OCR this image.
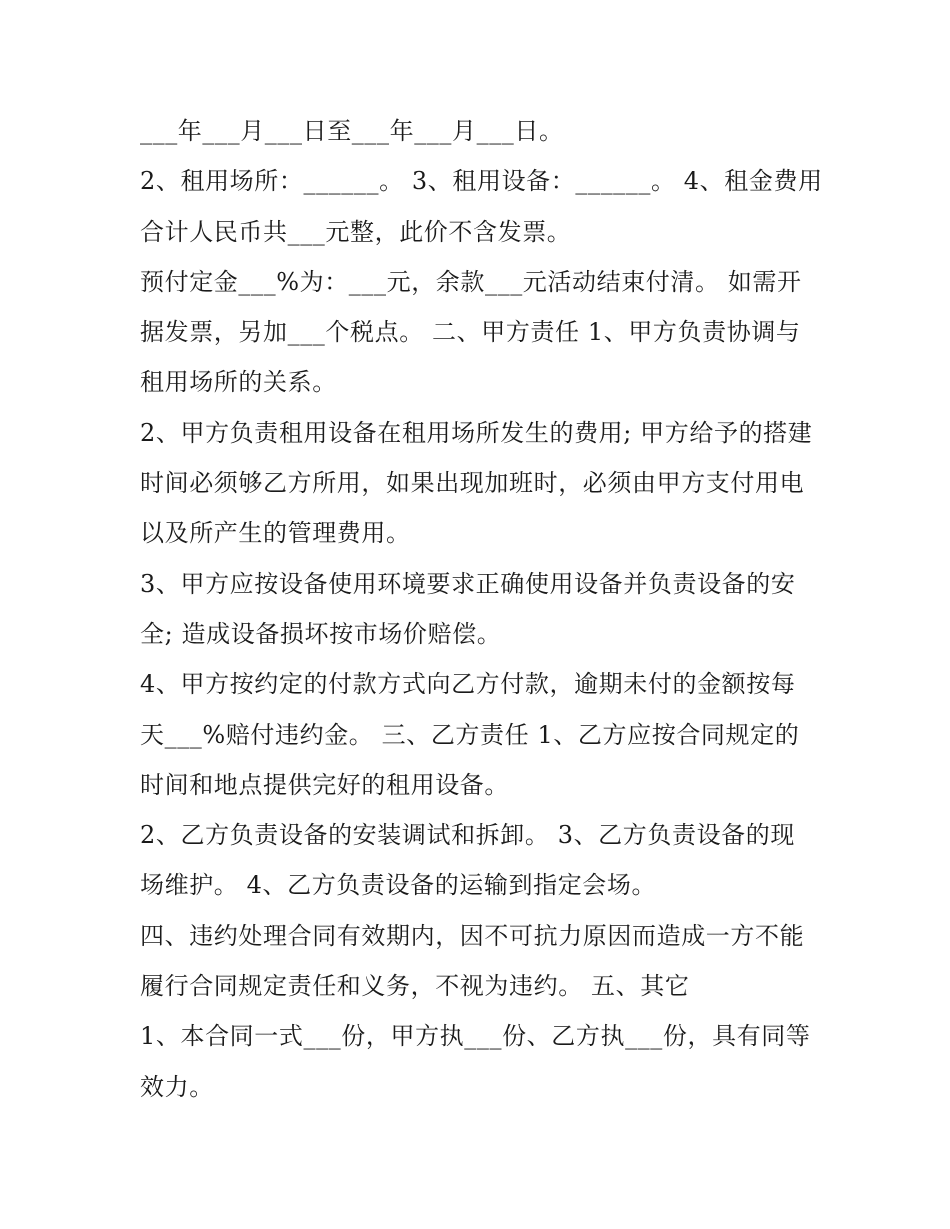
___年___月___日至___年___月___日。
2、租用场所：______。 3、租用设备：______。 4、租金费用
合计人民币共___元整，此价不含发票。
预付定金___%为：___元，余款___元活动结束付清。 如需开
据发票，另加___个税点。 二、甲方责任 1、甲方负责协调与
租用场所的关系。
2、甲方负责租用设备在租用场所发生的费用; 甲方给予的搭建
时间必须够乙方所用，如果出现加班时，必须由甲方支付用电
以及所产生的管理费用。
3、甲方应按设备使用环境要求正确使用设备并负责设备的安
全; 造成设备损坏按市场价赔偿。
4、甲方按约定的付款方式向乙方付款，逾期未付的金额按每
天___%赔付违约金。 三、乙方责任 1、乙方应按合同规定的
时间和地点提供完好的租用设备。
2、乙方负责设备的安装调试和拆卸。 3、乙方负责设备的现
场维护。 4、乙方负责设备的运输到指定会场。
四、违约处理合同有效期内，因不可抗力原因而造成一方不能
履行合同规定责任和义务，不视为违约。 五、其它
1、本合同一式___份，甲方执___份、乙方执___份，具有同等
效力。
